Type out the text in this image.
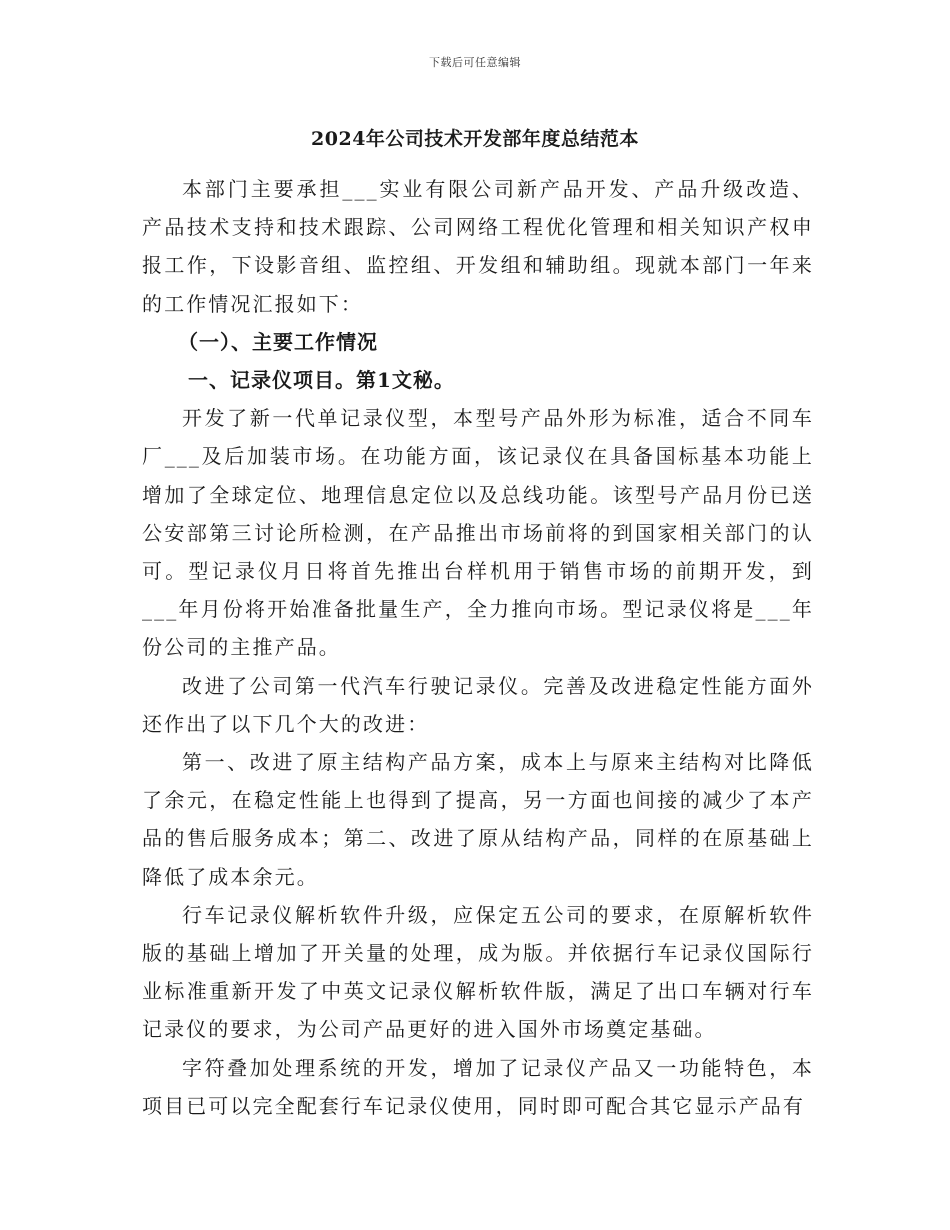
下载后可任意编辑
2024年公司技术开发部年度总结范本

本部门主要承担___实业有限公司新产品开发、产品升级改造、产品技术支持和技术跟踪、公司网络工程优化管理和相关知识产权申报工作，下设影音组、监控组、开发组和辅助组。现就本部门一年来的工作情况汇报如下：

（一）、主要工作情况

一、记录仪项目。第1文秘。

开发了新一代单记录仪型，本型号产品外形为标准，适合不同车厂___及后加装市场。在功能方面，该记录仪在具备国标基本功能上增加了全球定位、地理信息定位以及总线功能。该型号产品月份已送公安部第三讨论所检测，在产品推出市场前将的到国家相关部门的认可。型记录仪月日将首先推出台样机用于销售市场的前期开发，到___年月份将开始准备批量生产，全力推向市场。型记录仪将是___年份公司的主推产品。

改进了公司第一代汽车行驶记录仪。完善及改进稳定性能方面外还作出了以下几个大的改进：

第一、改进了原主结构产品方案，成本上与原来主结构对比降低了余元，在稳定性能上也得到了提高，另一方面也间接的减少了本产品的售后服务成本；第二、改进了原从结构产品，同样的在原基础上降低了成本余元。

行车记录仪解析软件升级，应保定五公司的要求，在原解析软件版的基础上增加了开关量的处理，成为版。并依据行车记录仪国际行业标准重新开发了中英文记录仪解析软件版，满足了出口车辆对行车记录仪的要求，为公司产品更好的进入国外市场奠定基础。

字符叠加处理系统的开发，增加了记录仪产品又一功能特色，本项目已可以完全配套行车记录仪使用，同时即可配合其它显示产品有
